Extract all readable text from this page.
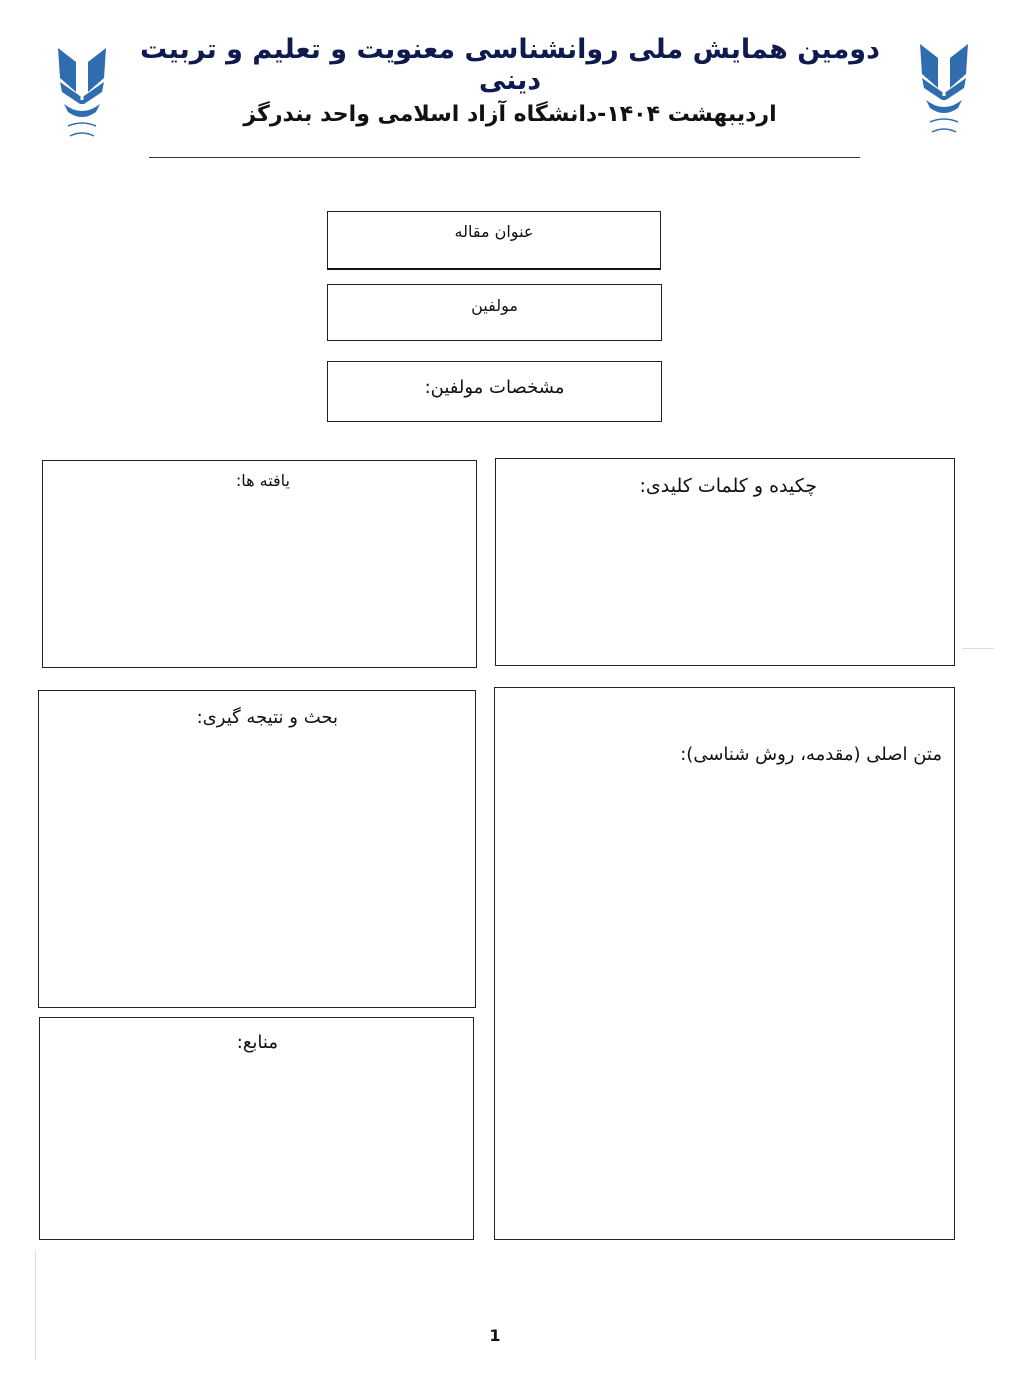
دومین همایش ملی روانشناسی معنویت و تعلیم و تربیت دینی
اردیبهشت ۱۴۰۴-دانشگاه آزاد اسلامی واحد بندرگز
عنوان مقاله
مولفین
مشخصات مولفین:
چکیده و کلمات کلیدی:
یافته ها:
متن اصلی (مقدمه، روش شناسی):
بحث و نتیجه گیری:
منابع:
1
